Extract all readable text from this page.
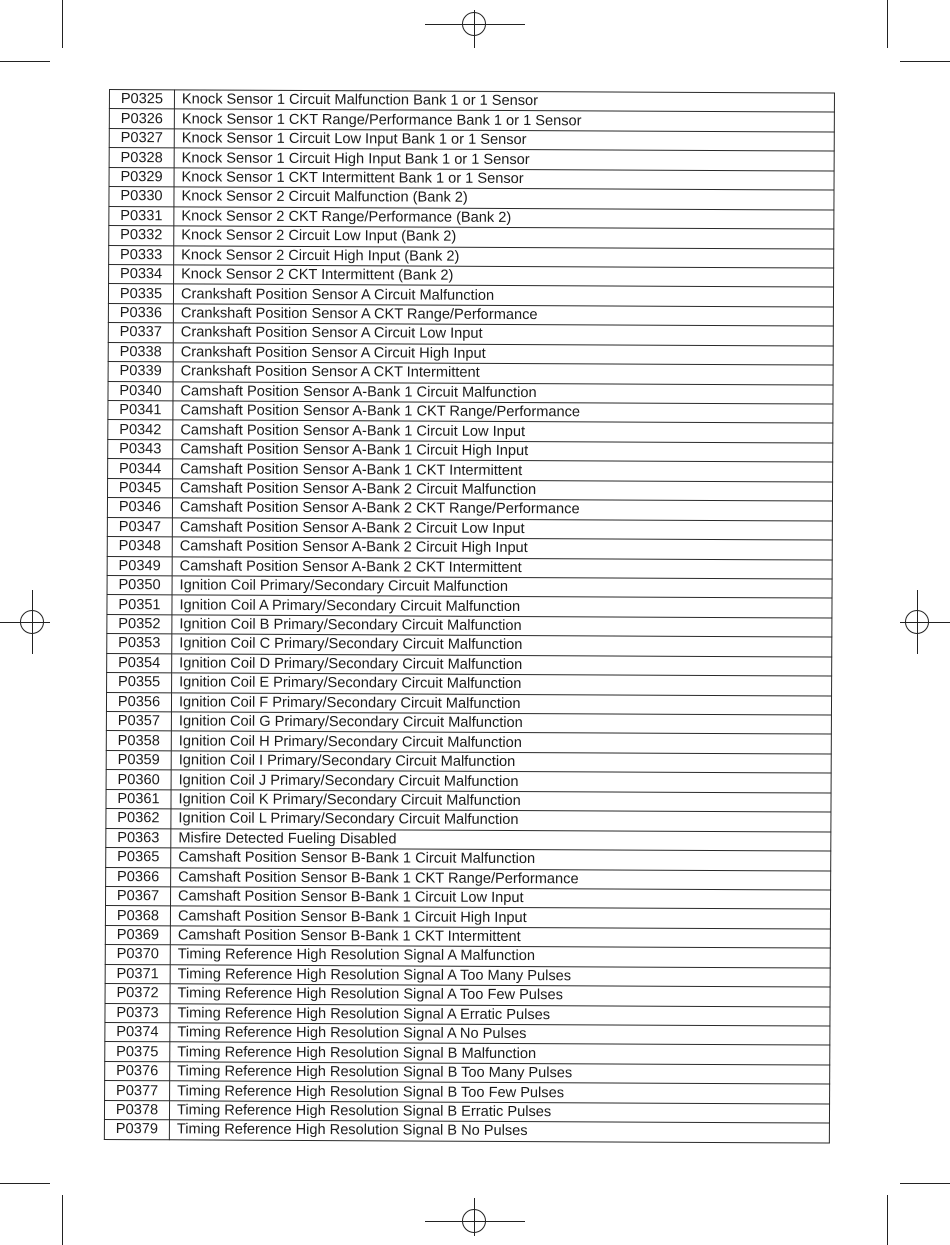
P0325	Knock Sensor 1 Circuit Malfunction Bank 1 or 1 Sensor
P0326	Knock Sensor 1 CKT Range/Performance Bank 1 or 1 Sensor
P0327	Knock Sensor 1 Circuit Low Input Bank 1 or 1 Sensor
P0328	Knock Sensor 1 Circuit High Input Bank 1 or 1 Sensor
P0329	Knock Sensor 1 CKT Intermittent Bank 1 or 1 Sensor
P0330	Knock Sensor 2 Circuit Malfunction (Bank 2)
P0331	Knock Sensor 2 CKT Range/Performance (Bank 2)
P0332	Knock Sensor 2 Circuit Low Input (Bank 2)
P0333	Knock Sensor 2 Circuit High Input (Bank 2)
P0334	Knock Sensor 2 CKT Intermittent (Bank 2)
P0335	Crankshaft Position Sensor A Circuit Malfunction
P0336	Crankshaft Position Sensor A CKT Range/Performance
P0337	Crankshaft Position Sensor A Circuit Low Input
P0338	Crankshaft Position Sensor A Circuit High Input
P0339	Crankshaft Position Sensor A CKT Intermittent
P0340	Camshaft Position Sensor A-Bank 1 Circuit Malfunction
P0341	Camshaft Position Sensor A-Bank 1 CKT Range/Performance
P0342	Camshaft Position Sensor A-Bank 1 Circuit Low Input
P0343	Camshaft Position Sensor A-Bank 1 Circuit High Input
P0344	Camshaft Position Sensor A-Bank 1 CKT Intermittent
P0345	Camshaft Position Sensor A-Bank 2 Circuit Malfunction
P0346	Camshaft Position Sensor A-Bank 2 CKT Range/Performance
P0347	Camshaft Position Sensor A-Bank 2 Circuit Low Input
P0348	Camshaft Position Sensor A-Bank 2 Circuit High Input
P0349	Camshaft Position Sensor A-Bank 2 CKT Intermittent
P0350	Ignition Coil Primary/Secondary Circuit Malfunction
P0351	Ignition Coil A Primary/Secondary Circuit Malfunction
P0352	Ignition Coil B Primary/Secondary Circuit Malfunction
P0353	Ignition Coil C Primary/Secondary Circuit Malfunction
P0354	Ignition Coil D Primary/Secondary Circuit Malfunction
P0355	Ignition Coil E Primary/Secondary Circuit Malfunction
P0356	Ignition Coil F Primary/Secondary Circuit Malfunction
P0357	Ignition Coil G Primary/Secondary Circuit Malfunction
P0358	Ignition Coil H Primary/Secondary Circuit Malfunction
P0359	Ignition Coil I Primary/Secondary Circuit Malfunction
P0360	Ignition Coil J Primary/Secondary Circuit Malfunction
P0361	Ignition Coil K Primary/Secondary Circuit Malfunction
P0362	Ignition Coil L Primary/Secondary Circuit Malfunction
P0363	Misfire Detected Fueling Disabled
P0365	Camshaft Position Sensor B-Bank 1 Circuit Malfunction
P0366	Camshaft Position Sensor B-Bank 1 CKT Range/Performance
P0367	Camshaft Position Sensor B-Bank 1 Circuit Low Input
P0368	Camshaft Position Sensor B-Bank 1 Circuit High Input
P0369	Camshaft Position Sensor B-Bank 1 CKT Intermittent
P0370	Timing Reference High Resolution Signal A Malfunction
P0371	Timing Reference High Resolution Signal A Too Many Pulses
P0372	Timing Reference High Resolution Signal A Too Few Pulses
P0373	Timing Reference High Resolution Signal A Erratic Pulses
P0374	Timing Reference High Resolution Signal A No Pulses
P0375	Timing Reference High Resolution Signal B Malfunction
P0376	Timing Reference High Resolution Signal B Too Many Pulses
P0377	Timing Reference High Resolution Signal B Too Few Pulses
P0378	Timing Reference High Resolution Signal B Erratic Pulses
P0379	Timing Reference High Resolution Signal B No Pulses
